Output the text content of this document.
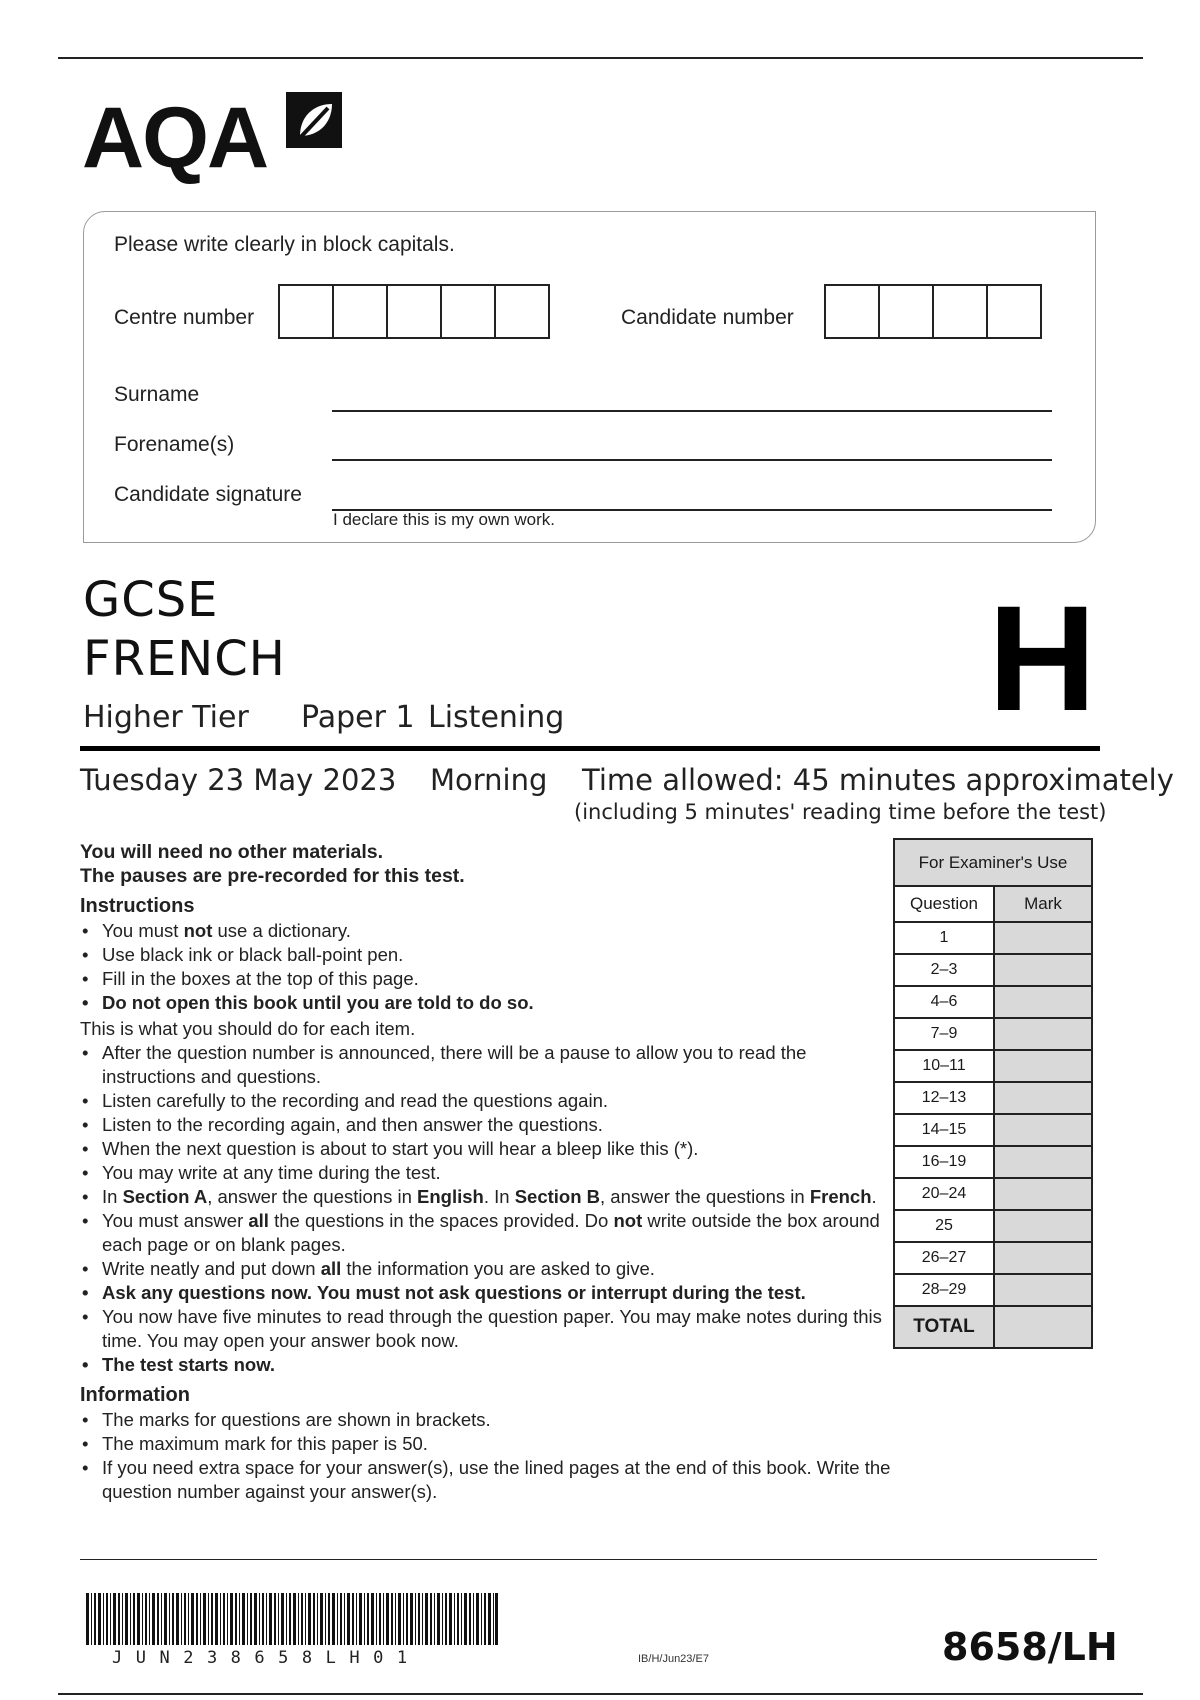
AQA
Please write clearly in block capitals.
Centre number	Candidate number
Surname
Forename(s)
Candidate signature
I declare this is my own work.
GCSE
FRENCH
Higher Tier Paper 1 Listening	H
Tuesday 23 May 2023 Morning Time allowed: 45 minutes approximately
(including 5 minutes' reading time before the test)

You will need no other materials.

The pauses are pre-recorded for this test.

Instructions
• You must not use a dictionary.
• Use black ink or black ball-point pen.
• Fill in the boxes at the top of this page.
• Do not open this book until you are told to do so.

This is what you should do for each item.

• After the question number is announced, there will be a pause to allow you to read the instructions and questions.
• Listen carefully to the recording and read the questions again.
• Listen to the recording again, and then answer the questions.
• When the next question is about to start you will hear a bleep like this (*).
• You may write at any time during the test.
• In Section A, answer the questions in English. In Section B, answer the questions in French.
• You must answer all the questions in the spaces provided. Do not write outside the box around each page or on blank pages.
• Write neatly and put down all the information you are asked to give.
• Ask any questions now. You must not ask questions or interrupt during the test.
• You now have five minutes to read through the question paper. You may make notes during this time. You may open your answer book now.
• The test starts now.
Information
• The marks for questions are shown in brackets.
• The maximum mark for this paper is 50.
• If you need extra space for your answer(s), use the lined pages at the end of this book. Write the question number against your answer(s).
For Examiner's Use	
Question	Mark
1	
2–3	
4–6	
7–9	
10–11	
12–13	
14–15	
16–19	
20–24	
25	
26–27	
28–29	
TOTAL	
JUN238658LH01	IB/H/Jun23/E7	8658/LH
